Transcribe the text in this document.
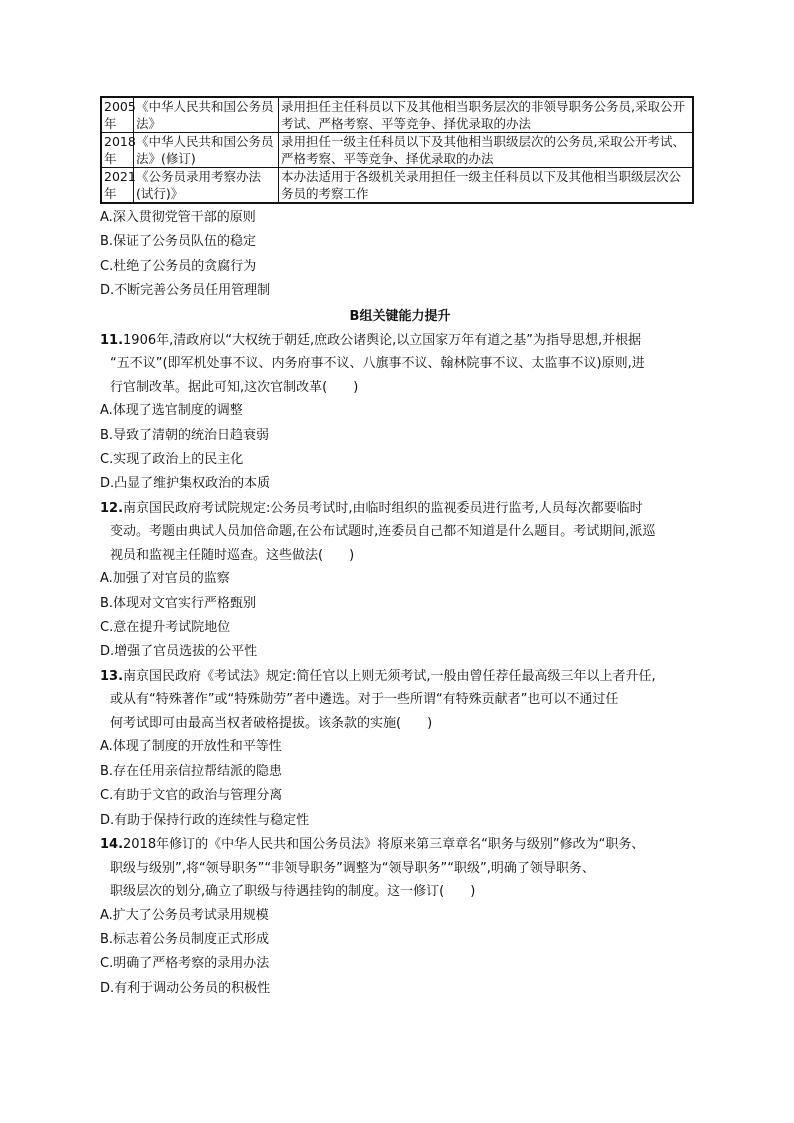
2005年	《中华人民共和国公务员法》	录用担任主任科员以下及其他相当职务层次的非领导职务公务员,采取公开考试、严格考察、平等竞争、择优录取的办法
2018年	《中华人民共和国公务员法》(修订)	录用担任一级主任科员以下及其他相当职级层次的公务员,采取公开考试、严格考察、平等竞争、择优录取的办法
2021年	《公务员录用考察办法(试行)》	本办法适用于各级机关录用担任一级主任科员以下及其他相当职级层次公务员的考察工作
A.深入贯彻党管干部的原则
B.保证了公务员队伍的稳定
C.杜绝了公务员的贪腐行为
D.不断完善公务员任用管理制
B组关键能力提升
11.1906年,清政府以“大权统于朝廷,庶政公诸舆论,以立国家万年有道之基”为指导思想,并根据
“五不议”(即军机处事不议、内务府事不议、八旗事不议、翰林院事不议、太监事不议)原则,进
行官制改革。据此可知,这次官制改革(　　)
A.体现了选官制度的调整
B.导致了清朝的统治日趋衰弱
C.实现了政治上的民主化
D.凸显了维护集权政治的本质
12.南京国民政府考试院规定:公务员考试时,由临时组织的监视委员进行监考,人员每次都要临时
变动。考题由典试人员加倍命题,在公布试题时,连委员自己都不知道是什么题目。考试期间,派巡
视员和监视主任随时巡查。这些做法(　　)
A.加强了对官员的监察
B.体现对文官实行严格甄别
C.意在提升考试院地位
D.增强了官员选拔的公平性
13.南京国民政府《考试法》规定:简任官以上则无须考试,一般由曾任荐任最高级三年以上者升任,
或从有“特殊著作”或“特殊勋劳”者中遴选。对于一些所谓“有特殊贡献者”也可以不通过任
何考试即可由最高当权者破格提拔。该条款的实施(　　)
A.体现了制度的开放性和平等性
B.存在任用亲信拉帮结派的隐患
C.有助于文官的政治与管理分离
D.有助于保持行政的连续性与稳定性
14.2018年修订的《中华人民共和国公务员法》将原来第三章章名“职务与级别”修改为“职务、
职级与级别”,将“领导职务”“非领导职务”调整为“领导职务”“职级”,明确了领导职务、
职级层次的划分,确立了职级与待遇挂钩的制度。这一修订(　　)
A.扩大了公务员考试录用规模
B.标志着公务员制度正式形成
C.明确了严格考察的录用办法
D.有利于调动公务员的积极性
